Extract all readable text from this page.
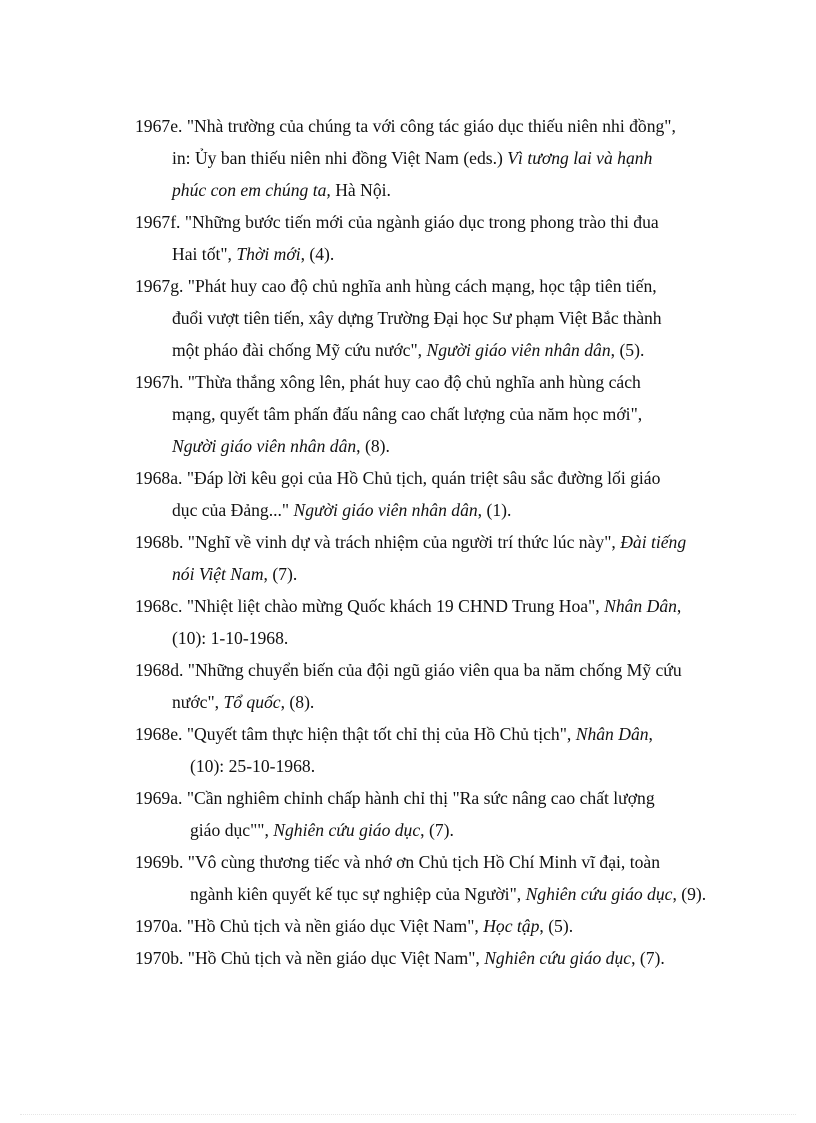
1967e. "Nhà trường của chúng ta với công tác giáo dục thiếu niên nhi đồng",
in: Ủy ban thiếu niên nhi đồng Việt Nam (eds.) Vì tương lai và hạnh
phúc con em chúng ta, Hà Nội.

1967f. "Những bước tiến mới của ngành giáo dục trong phong trào thi đua
Hai tốt", Thời mới, (4).

1967g. "Phát huy cao độ chủ nghĩa anh hùng cách mạng, học tập tiên tiến,
đuổi vượt tiên tiến, xây dựng Trường Đại học Sư phạm Việt Bắc thành
một pháo đài chống Mỹ cứu nước", Người giáo viên nhân dân, (5).

1967h. "Thừa thắng xông lên, phát huy cao độ chủ nghĩa anh hùng cách
mạng, quyết tâm phấn đấu nâng cao chất lượng của năm học mới",
Người giáo viên nhân dân, (8).

1968a. "Đáp lời kêu gọi của Hồ Chủ tịch, quán triệt sâu sắc đường lối giáo
dục của Đảng..." Người giáo viên nhân dân, (1).

1968b. "Nghĩ về vinh dự và trách nhiệm của người trí thức lúc này", Đài tiếng
nói Việt Nam, (7).

1968c. "Nhiệt liệt chào mừng Quốc khách 19 CHND Trung Hoa", Nhân Dân,
(10): 1-10-1968.

1968d. "Những chuyển biến của đội ngũ giáo viên qua ba năm chống Mỹ cứu
nước", Tổ quốc, (8).

1968e. "Quyết tâm thực hiện thật tốt chỉ thị của Hồ Chủ tịch", Nhân Dân,
(10): 25-10-1968.

1969a. "Cần nghiêm chỉnh chấp hành chỉ thị "Ra sức nâng cao chất lượng
giáo dục"", Nghiên cứu giáo dục, (7).

1969b. "Vô cùng thương tiếc và nhớ ơn Chủ tịch Hồ Chí Minh vĩ đại, toàn
ngành kiên quyết kế tục sự nghiệp của Người", Nghiên cứu giáo dục, (9).

1970a. "Hồ Chủ tịch và nền giáo dục Việt Nam", Học tập, (5).

1970b. "Hồ Chủ tịch và nền giáo dục Việt Nam", Nghiên cứu giáo dục, (7).
